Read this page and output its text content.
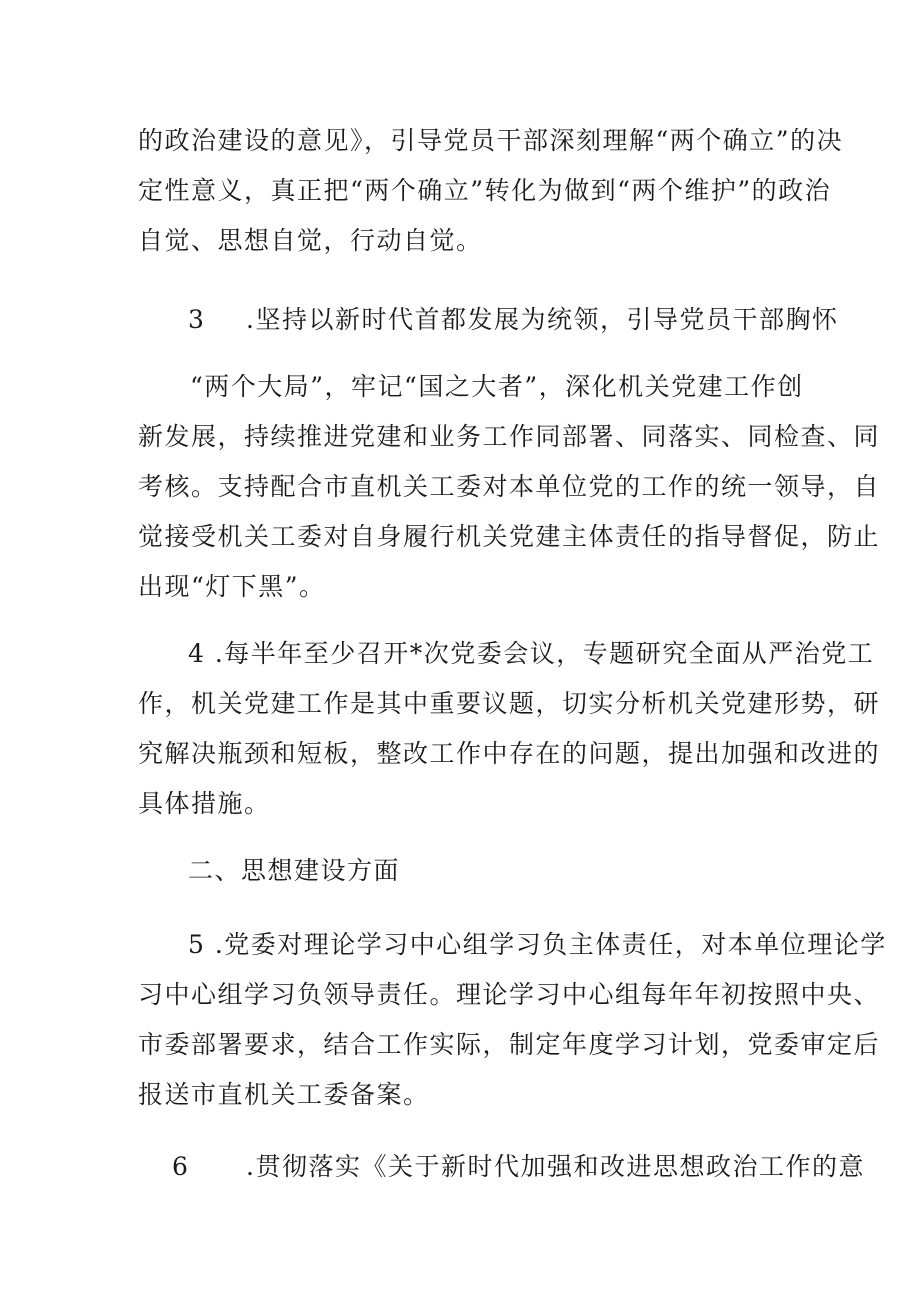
的政治建设的意见》，引导党员干部深刻理解“两个确立”的决
定性意义，真正把“两个确立”转化为做到“两个维护”的政治
自觉、思想自觉，行动自觉。
3 .坚持以新时代首都发展为统领，引导党员干部胸怀
“两个大局”，牢记“国之大者”，深化机关党建工作创
新发展，持续推进党建和业务工作同部署、同落实、同检查、同
考核。支持配合市直机关工委对本单位党的工作的统一领导，自
觉接受机关工委对自身履行机关党建主体责任的指导督促，防止
出现“灯下黑”。
4 .每半年至少召开*次党委会议，专题研究全面从严治党工
作，机关党建工作是其中重要议题，切实分析机关党建形势，研
究解决瓶颈和短板，整改工作中存在的问题，提出加强和改进的
具体措施。
二、思想建设方面
5 .党委对理论学习中心组学习负主体责任，对本单位理论学
习中心组学习负领导责任。理论学习中心组每年年初按照中央、
市委部署要求，结合工作实际，制定年度学习计划，党委审定后
报送市直机关工委备案。
6 .贯彻落实《关于新时代加强和改进思想政治工作的意
